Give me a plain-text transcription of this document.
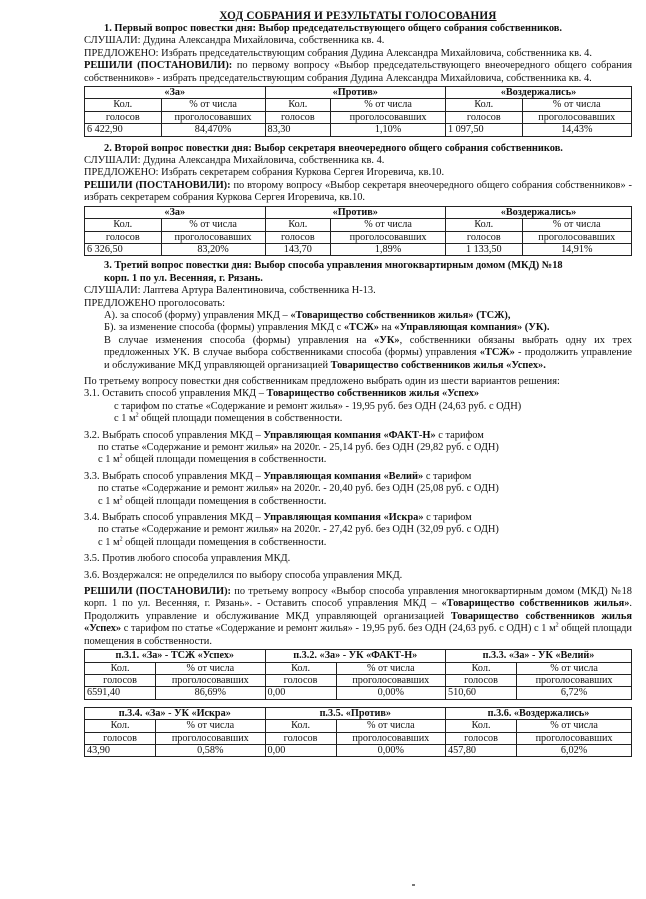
ХОД СОБРАНИЯ И РЕЗУЛЬТАТЫ ГОЛОСОВАНИЯ
1. Первый вопрос повестки дня: Выбор председательствующего общего собрания собственников.
СЛУШАЛИ: Дудина Александра Михайловича, собственника кв. 4.
ПРЕДЛОЖЕНО: Избрать председательствующим собрания Дудина Александра Михайловича, собственника кв. 4.
РЕШИЛИ (ПОСТАНОВИЛИ): по первому вопросу «Выбор председательствующего внеочередного общего собрания собственников» - избрать председательствующим собрания Дудина Александра Михайловича, собственника кв. 4.
«За»		«Против»		«Воздержались»	
Кол.	% от числа	Кол.	% от числа	Кол.	% от числа
голосов	проголосовавших	голосов	проголосовавших	голосов	проголосовавших
6 422,90	84,470%	83,30	1,10%	1 097,50	14,43%
2. Второй вопрос повестки дня: Выбор секретаря внеочередного общего собрания собственников.
СЛУШАЛИ: Дудина Александра Михайловича, собственника кв. 4.
ПРЕДЛОЖЕНО: Избрать секретарем собрания Куркова Сергея Игоревича, кв.10.
РЕШИЛИ (ПОСТАНОВИЛИ): по второму вопросу «Выбор секретаря внеочередного общего собрания собственников» - избрать секретарем собрания Куркова Сергея Игоревича, кв.10.
«За»		«Против»		«Воздержались»	
Кол.	% от числа	Кол.	% от числа	Кол.	% от числа
голосов	проголосовавших	голосов	проголосовавших	голосов	проголосовавших
6 326,50	83,20%	143,70	1,89%	1 133,50	14,91%
3. Третий вопрос повестки дня: Выбор способа управления многоквартирным домом (МКД) №18
корп. 1 по ул. Весенняя, г. Рязань.
СЛУШАЛИ: Лаптева Артура Валентиновича, собственника Н-13.
ПРЕДЛОЖЕНО проголосовать:
А). за способ (форму) управления МКД – «Товарищество собственников жилья» (ТСЖ),
Б). за изменение способа (формы) управления МКД с «ТСЖ» на «Управляющая компания» (УК).
В случае изменения способа (формы) управления на «УК», собственники обязаны выбрать одну их трех предложенных УК. В случае выбора собственниками способа (формы) управления «ТСЖ» - продолжить управление и обслуживание МКД управляющей организацией Товарищество собственников жилья «Успех».
По третьему вопросу повестки дня собственникам предложено выбрать один из шести вариантов решения:
3.1. Оставить способ управления МКД – Товарищество собственников жилья «Успех»
с тарифом по статье «Содержание и ремонт жилья» - 19,95 руб. без ОДН (24,63 руб. с ОДН)
с 1 $м^2$ общей площади помещения в собственности.
3.2. Выбрать способ управления МКД – Управляющая компания «ФАКТ-Н» с тарифом
по статье «Содержание и ремонт жилья» на 2020г. - 25,14 руб. без ОДН (29,82 руб. с ОДН)
с 1 $м^2$ общей площади помещения в собственности.
3.3. Выбрать способ управления МКД – Управляющая компания «Велий» с тарифом
по статье «Содержание и ремонт жилья» на 2020г. - 20,40 руб. без ОДН (25,08 руб. с ОДН)
с 1 $м^2$ общей площади помещения в собственности.
3.4. Выбрать способ управления МКД – Управляющая компания «Искра» с тарифом
по статье «Содержание и ремонт жилья» на 2020г. - 27,42 руб. без ОДН (32,09 руб. с ОДН)
с 1 $м^2$ общей площади помещения в собственности.
3.5. Против любого способа управления МКД.
3.6. Воздержался: не определился по выбору способа управления МКД.
РЕШИЛИ (ПОСТАНОВИЛИ): по третьему вопросу «Выбор способа управления многоквартирным домом (МКД) №18 корп. 1 по ул. Весенняя, г. Рязань». - Оставить способ управления МКД – «Товарищество собственников жилья». Продолжить управление и обслуживание МКД управляющей организацией Товарищество собственников жилья «Успех» с тарифом по статье «Содержание и ремонт жилья» - 19,95 руб. без ОДН (24,63 руб. с ОДН) с 1 $м^2$ общей площади помещения в собственности.
п.3.1. «За» - ТСЖ «Успех»		п.3.2. «За» - УК «ФАКТ-Н»		п.3.3. «За» - УК «Велий»	
Кол.	% от числа	Кол.	% от числа	Кол.	% от числа
голосов	проголосовавших	голосов	проголосовавших	голосов	проголосовавших
6591,40	86,69%	0,00	0,00%	510,60	6,72%
п.3.4. «За» - УК «Искра»		п.3.5. «Против»		п.3.6. «Воздержались»	
Кол.	% от числа	Кол.	% от числа	Кол.	% от числа
голосов	проголосовавших	голосов	проголосовавших	голосов	проголосовавших
43,90	0,58%	0,00	0,00%	457,80	6,02%
